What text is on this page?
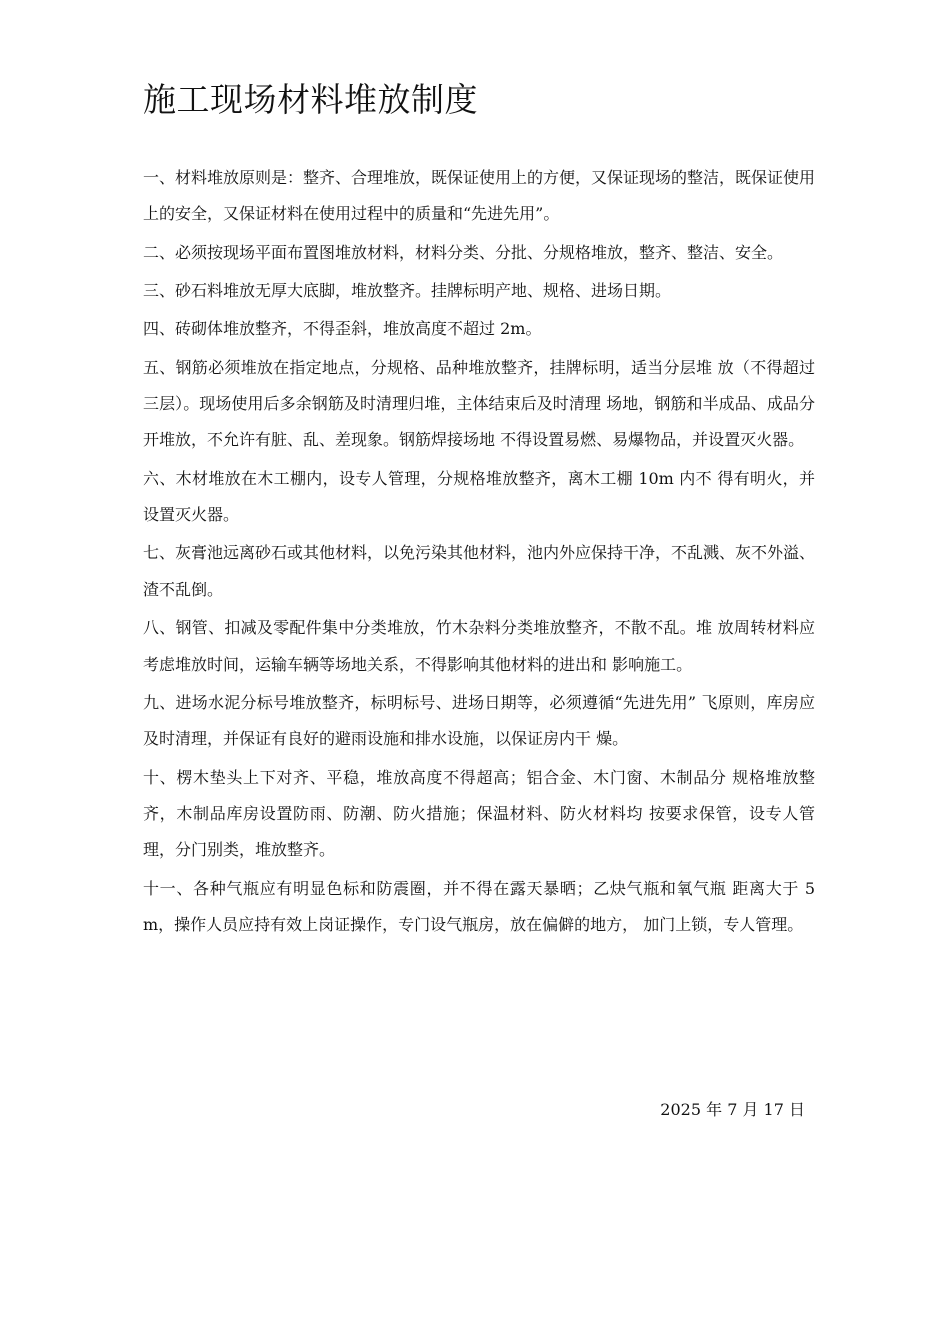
施工现场材料堆放制度

一、材料堆放原则是：整齐、合理堆放，既保证使用上的方便，又保证现场的整洁，既保证使用上的安全，又保证材料在使用过程中的质量和“先进先用”。

二、必须按现场平面布置图堆放材料，材料分类、分批、分规格堆放，整齐、整洁、安全。

三、砂石料堆放无厚大底脚，堆放整齐。挂牌标明产地、规格、进场日期。

四、砖砌体堆放整齐，不得歪斜，堆放高度不超过 2m。

五、钢筋必须堆放在指定地点，分规格、品种堆放整齐，挂牌标明，适当分层堆 放（不得超过三层）。现场使用后多余钢筋及时清理归堆，主体结束后及时清理 场地，钢筋和半成品、成品分开堆放，不允许有脏、乱、差现象。钢筋焊接场地 不得设置易燃、易爆物品，并设置灭火器。

六、木材堆放在木工棚内，设专人管理，分规格堆放整齐，离木工棚 10m 内不 得有明火，并设置灭火器。

七、灰膏池远离砂石或其他材料，以免污染其他材料，池内外应保持干净，不乱溅、灰不外溢、渣不乱倒。

八、钢管、扣减及零配件集中分类堆放，竹木杂料分类堆放整齐，不散不乱。堆 放周转材料应考虑堆放时间，运输车辆等场地关系，不得影响其他材料的进出和 影响施工。

九、进场水泥分标号堆放整齐，标明标号、进场日期等，必须遵循“先进先用” 飞原则，库房应及时清理，并保证有良好的避雨设施和排水设施，以保证房内干 燥。

十、楞木垫头上下对齐、平稳，堆放高度不得超高；铝合金、木门窗、木制品分 规格堆放整齐，木制品库房设置防雨、防潮、防火措施；保温材料、防火材料均 按要求保管，设专人管理，分门别类，堆放整齐。

十一、各种气瓶应有明显色标和防震圈，并不得在露天暴晒；乙炔气瓶和氧气瓶 距离大于 5m，操作人员应持有效上岗证操作，专门设气瓶房，放在偏僻的地方， 加门上锁，专人管理。

2025 年 7 月 17 日
